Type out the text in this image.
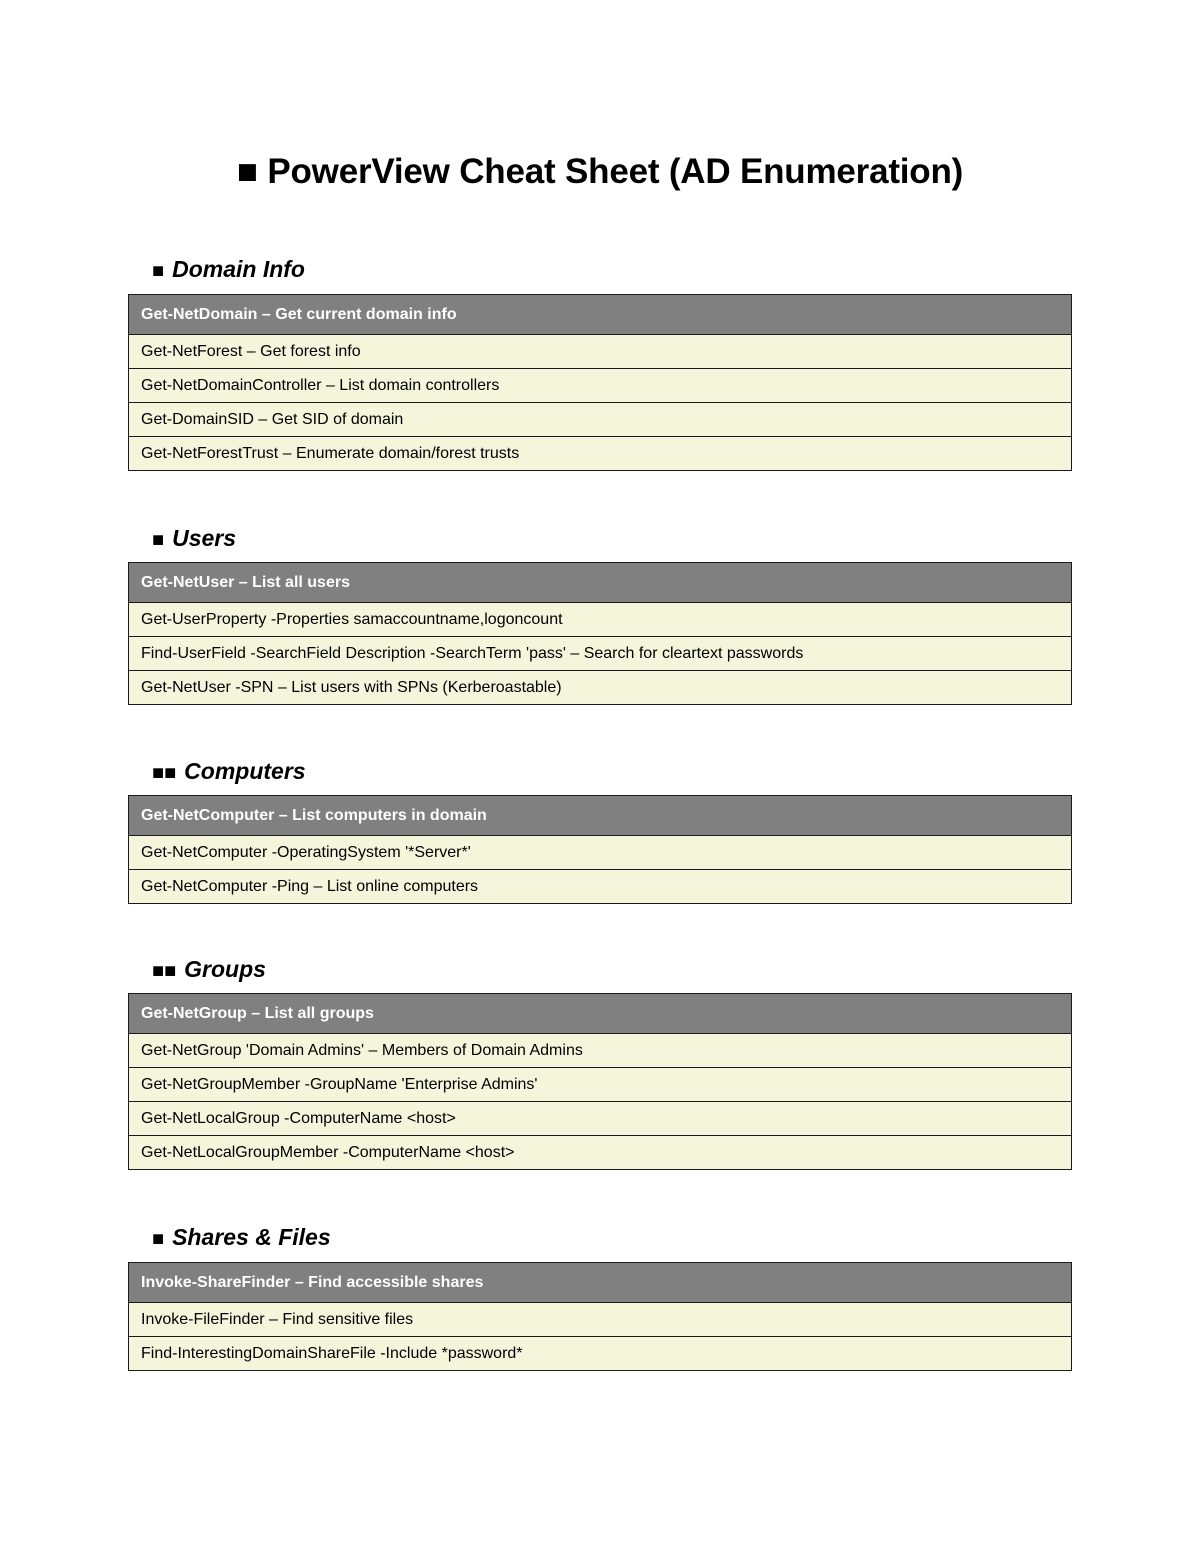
■ PowerView Cheat Sheet (AD Enumeration)
■ Domain Info
Get-NetDomain – Get current domain info
Get-NetForest – Get forest info
Get-NetDomainController – List domain controllers
Get-DomainSID – Get SID of domain
Get-NetForestTrust – Enumerate domain/forest trusts
■ Users
Get-NetUser – List all users
Get-UserProperty -Properties samaccountname,logoncount
Find-UserField -SearchField Description -SearchTerm 'pass' – Search for cleartext passwords
Get-NetUser -SPN – List users with SPNs (Kerberoastable)
■■ Computers
Get-NetComputer – List computers in domain
Get-NetComputer -OperatingSystem '*Server*'
Get-NetComputer -Ping – List online computers
■■ Groups
Get-NetGroup – List all groups
Get-NetGroup 'Domain Admins' – Members of Domain Admins
Get-NetGroupMember -GroupName 'Enterprise Admins'
Get-NetLocalGroup -ComputerName <host>
Get-NetLocalGroupMember -ComputerName <host>
■ Shares & Files
Invoke-ShareFinder – Find accessible shares
Invoke-FileFinder – Find sensitive files
Find-InterestingDomainShareFile -Include *password*
